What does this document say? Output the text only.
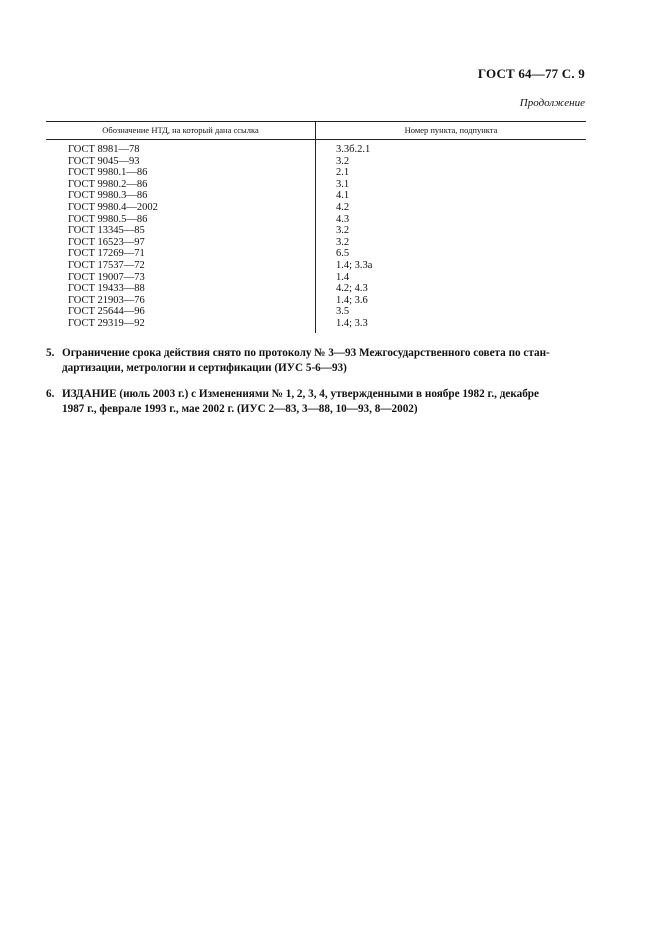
ГОСТ 64—77 С. 9
Продолжение
Обозначение НТД, на который дана ссылка	Номер пункта, подпункта
ГОСТ 8981—78
ГОСТ 9045—93
ГОСТ 9980.1—86
ГОСТ 9980.2—86
ГОСТ 9980.3—86
ГОСТ 9980.4—2002
ГОСТ 9980.5—86
ГОСТ 13345—85
ГОСТ 16523—97
ГОСТ 17269—71
ГОСТ 17537—72
ГОСТ 19007—73
ГОСТ 19433—88
ГОСТ 21903—76
ГОСТ 25644—96
ГОСТ 29319—92
3.3б.2.1
3.2
2.1
3.1
4.1
4.2
4.3
3.2
3.2
6.5
1.4; 3.3а
1.4
4.2; 4.3
1.4; 3.6
3.5
1.4; 3.3
5. Ограничение срока действия снято по протоколу № 3—93 Межгосударственного совета по стан-
дартизации, метрологии и сертификации (ИУС 5-6—93)
6. ИЗДАНИЕ (июль 2003 г.) с Изменениями № 1, 2, 3, 4, утвержденными в ноябре 1982 г., декабре
1987 г., феврале 1993 г., мае 2002 г. (ИУС 2—83, 3—88, 10—93, 8—2002)
